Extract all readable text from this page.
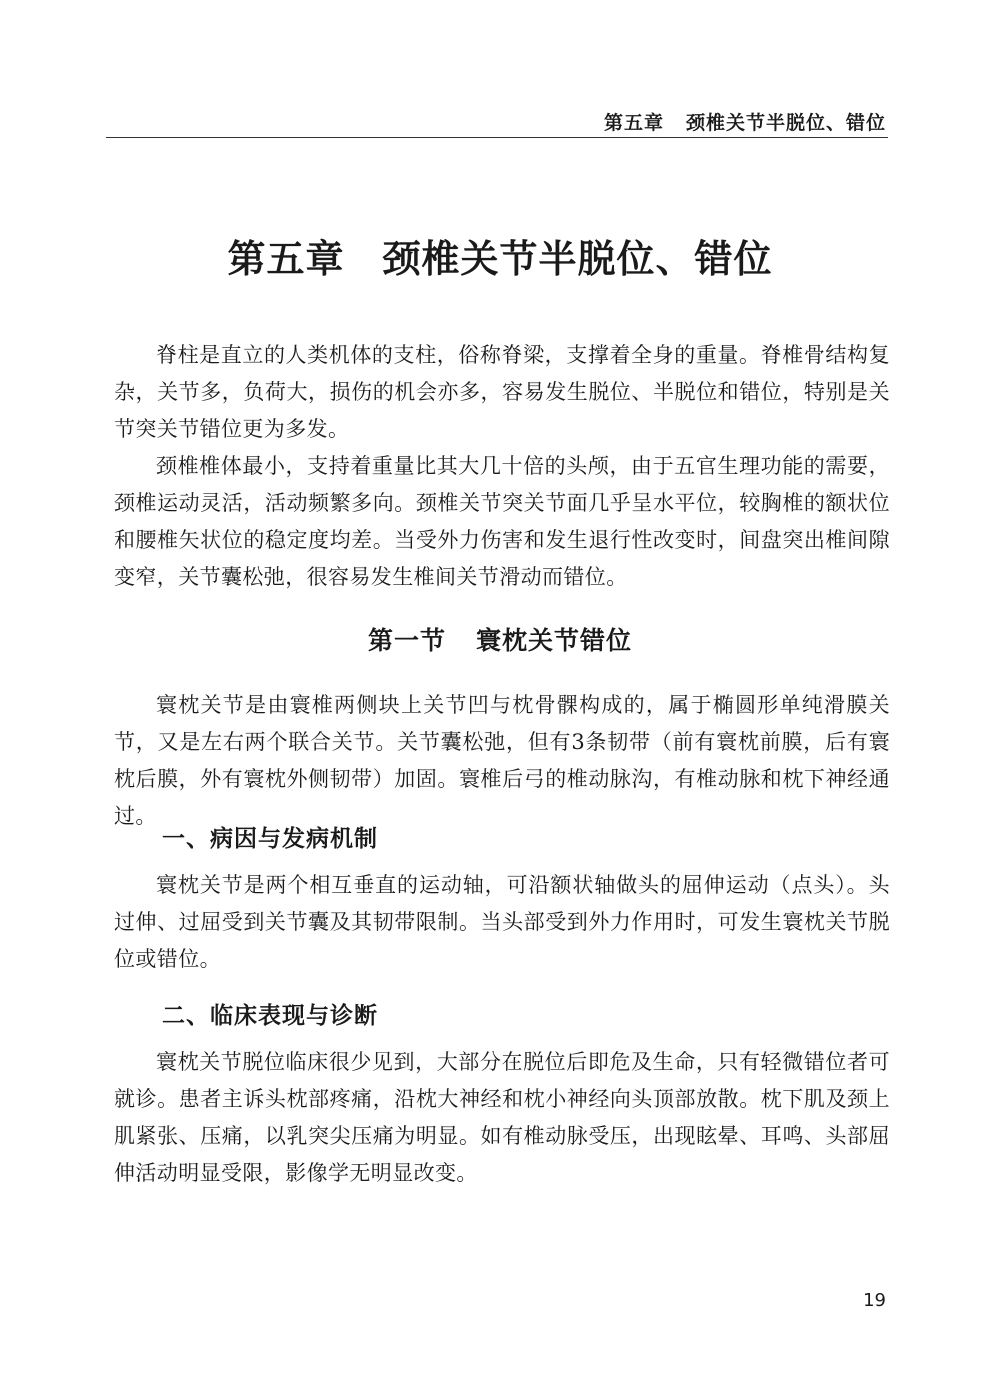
第五章 颈椎关节半脱位、错位
第五章 颈椎关节半脱位、错位

脊柱是直立的人类机体的支柱，俗称脊梁，支撑着全身的重量。脊椎骨结构复杂，关节多，负荷大，损伤的机会亦多，容易发生脱位、半脱位和错位，特别是关节突关节错位更为多发。

颈椎椎体最小，支持着重量比其大几十倍的头颅，由于五官生理功能的需要，颈椎运动灵活，活动频繁多向。颈椎关节突关节面几乎呈水平位，较胸椎的额状位和腰椎矢状位的稳定度均差。当受外力伤害和发生退行性改变时，间盘突出椎间隙变窄，关节囊松弛，很容易发生椎间关节滑动而错位。

第一节 寰枕关节错位

寰枕关节是由寰椎两侧块上关节凹与枕骨髁构成的，属于椭圆形单纯滑膜关节，又是左右两个联合关节。关节囊松弛，但有3条韧带（前有寰枕前膜，后有寰枕后膜，外有寰枕外侧韧带）加固。寰椎后弓的椎动脉沟，有椎动脉和枕下神经通过。

一、病因与发病机制

寰枕关节是两个相互垂直的运动轴，可沿额状轴做头的屈伸运动（点头）。头过伸、过屈受到关节囊及其韧带限制。当头部受到外力作用时，可发生寰枕关节脱位或错位。

二、临床表现与诊断

寰枕关节脱位临床很少见到，大部分在脱位后即危及生命，只有轻微错位者可就诊。患者主诉头枕部疼痛，沿枕大神经和枕小神经向头顶部放散。枕下肌及颈上肌紧张、压痛，以乳突尖压痛为明显。如有椎动脉受压，出现眩晕、耳鸣、头部屈伸活动明显受限，影像学无明显改变。

19
